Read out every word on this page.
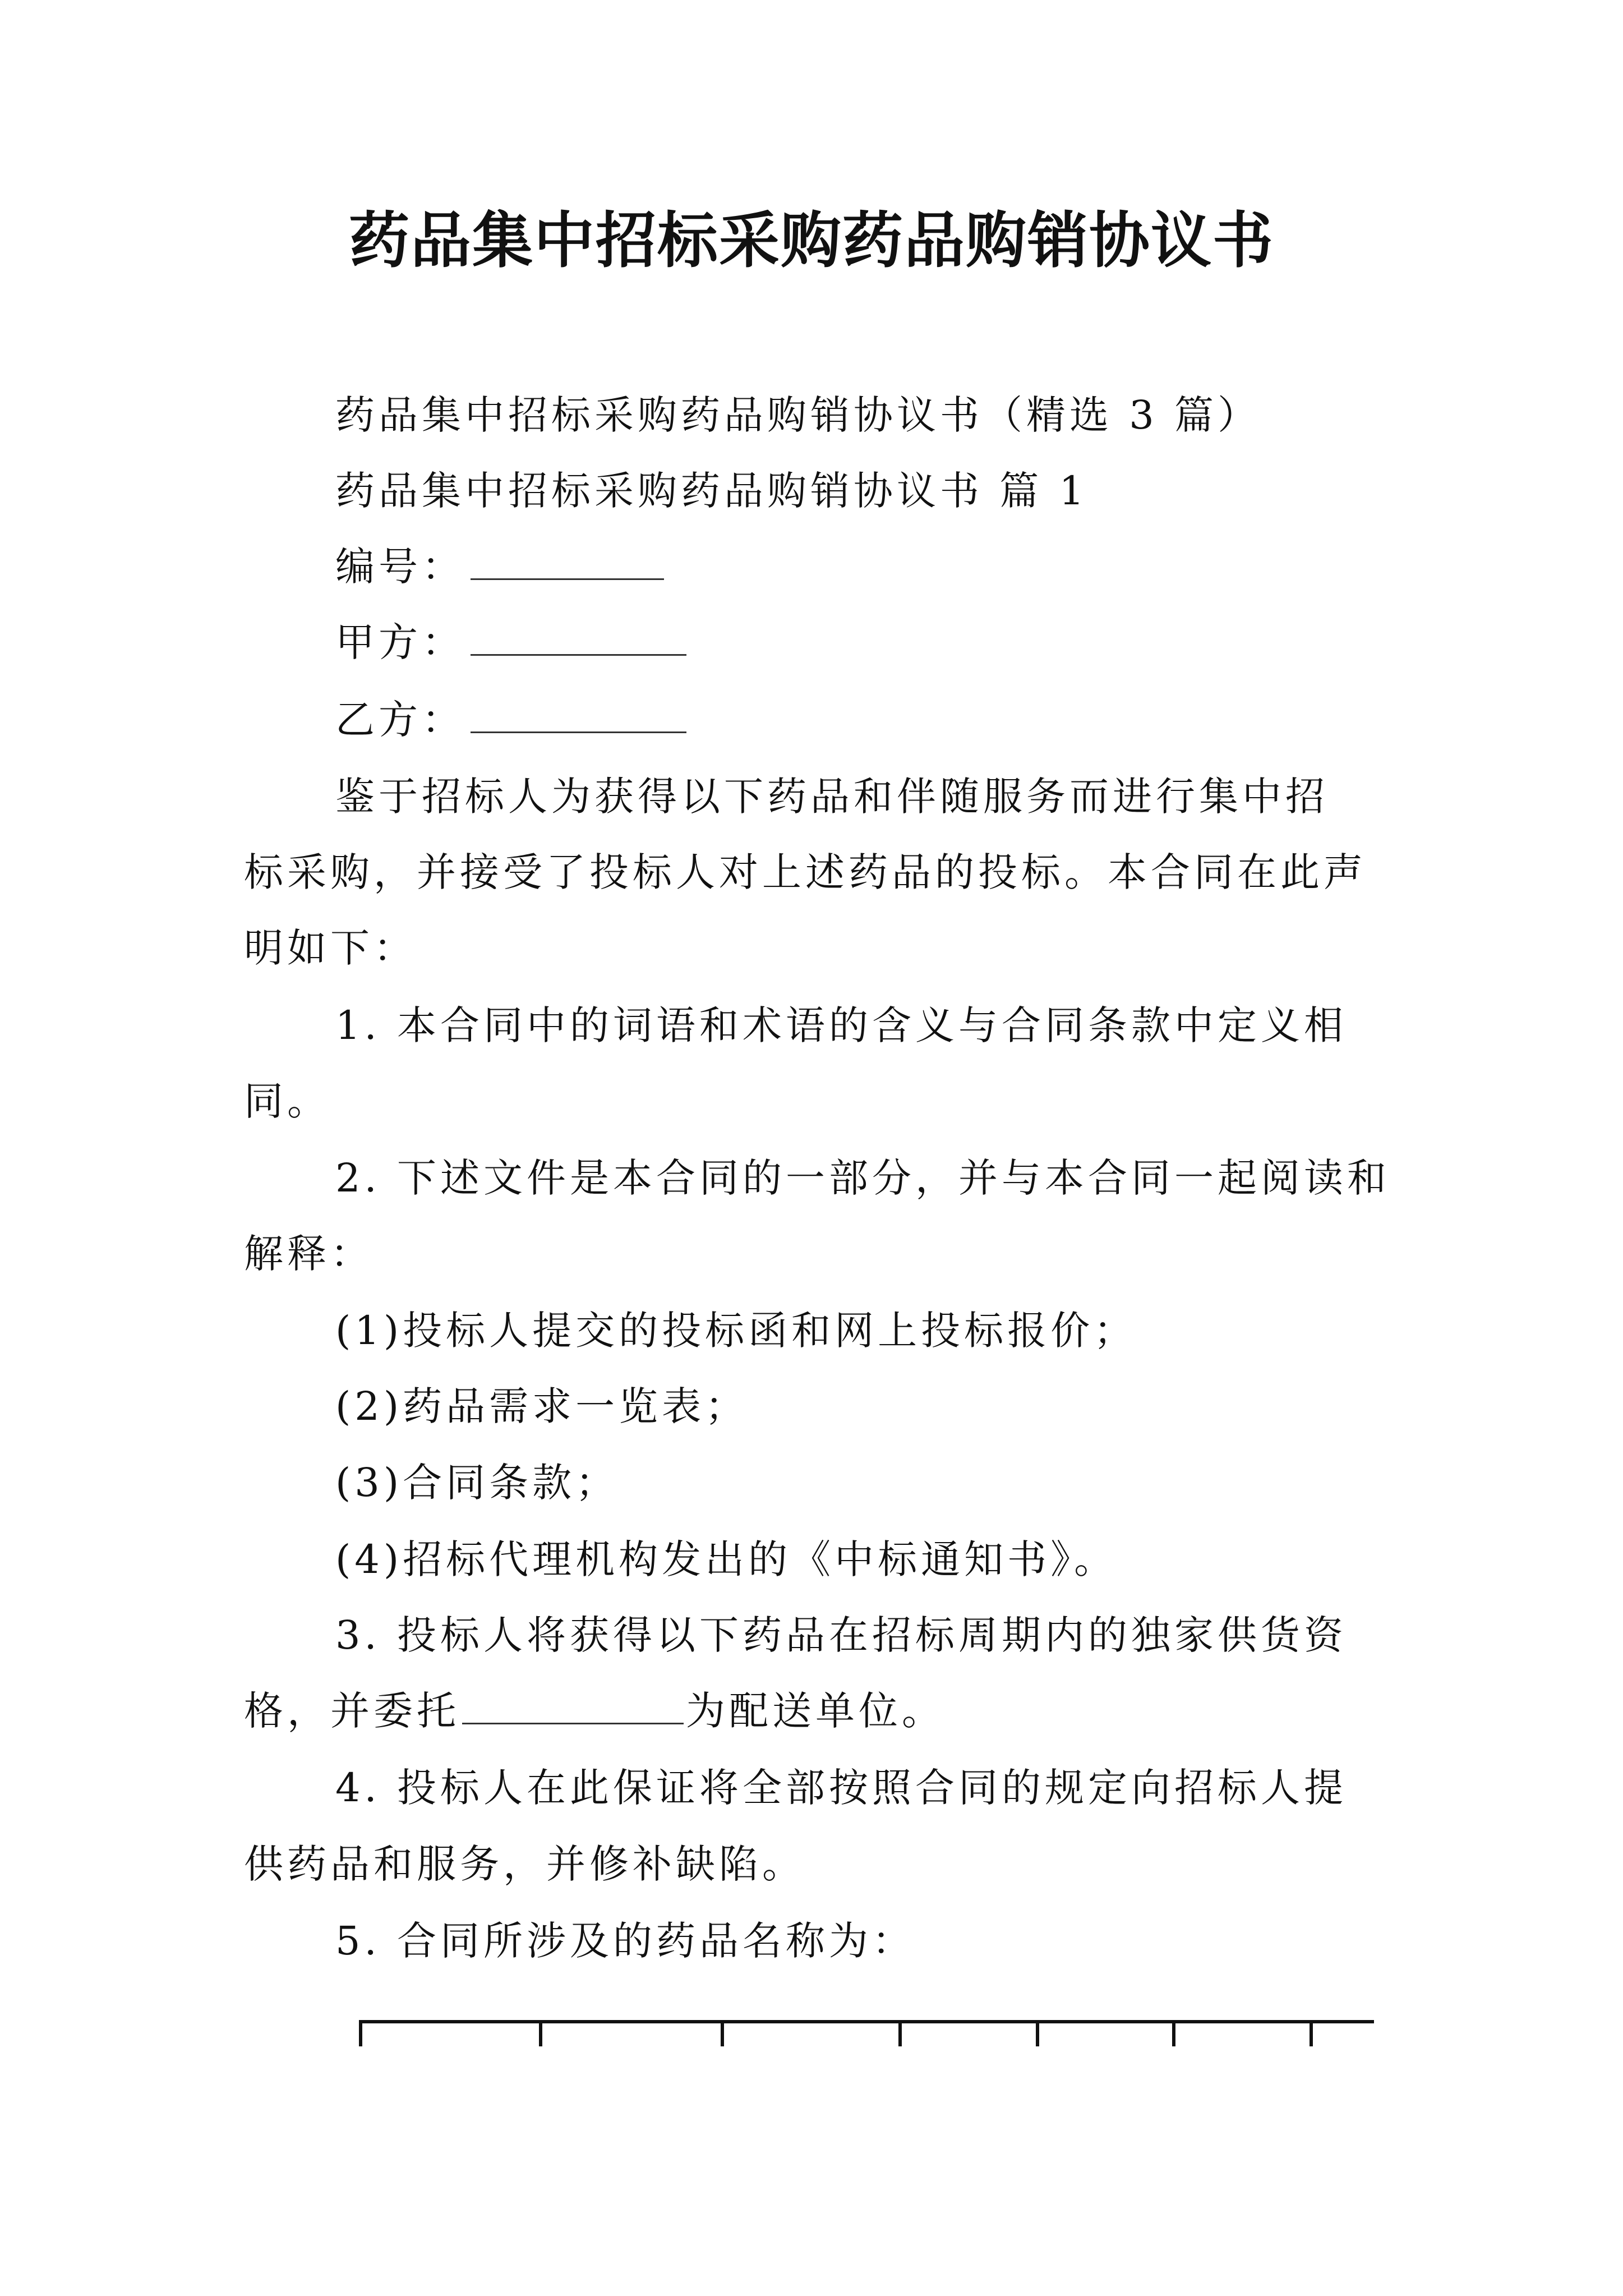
药品集中招标采购药品购销协议书
药品集中招标采购药品购销协议书（精选 3 篇）
药品集中招标采购药品购销协议书 篇 1
编号：
甲方：
乙方：
鉴于招标人为获得以下药品和伴随服务而进行集中招
标采购，并接受了投标人对上述药品的投标。本合同在此声
明如下：
1. 本合同中的词语和术语的含义与合同条款中定义相
同。
2. 下述文件是本合同的一部分，并与本合同一起阅读和
解释：
(1)投标人提交的投标函和网上投标报价；
(2)药品需求一览表；
(3)合同条款；
(4)招标代理机构发出的《中标通知书》。
3. 投标人将获得以下药品在招标周期内的独家供货资
格，并委托	为配送单位。
4. 投标人在此保证将全部按照合同的规定向招标人提
供药品和服务，并修补缺陷。
5. 合同所涉及的药品名称为：
